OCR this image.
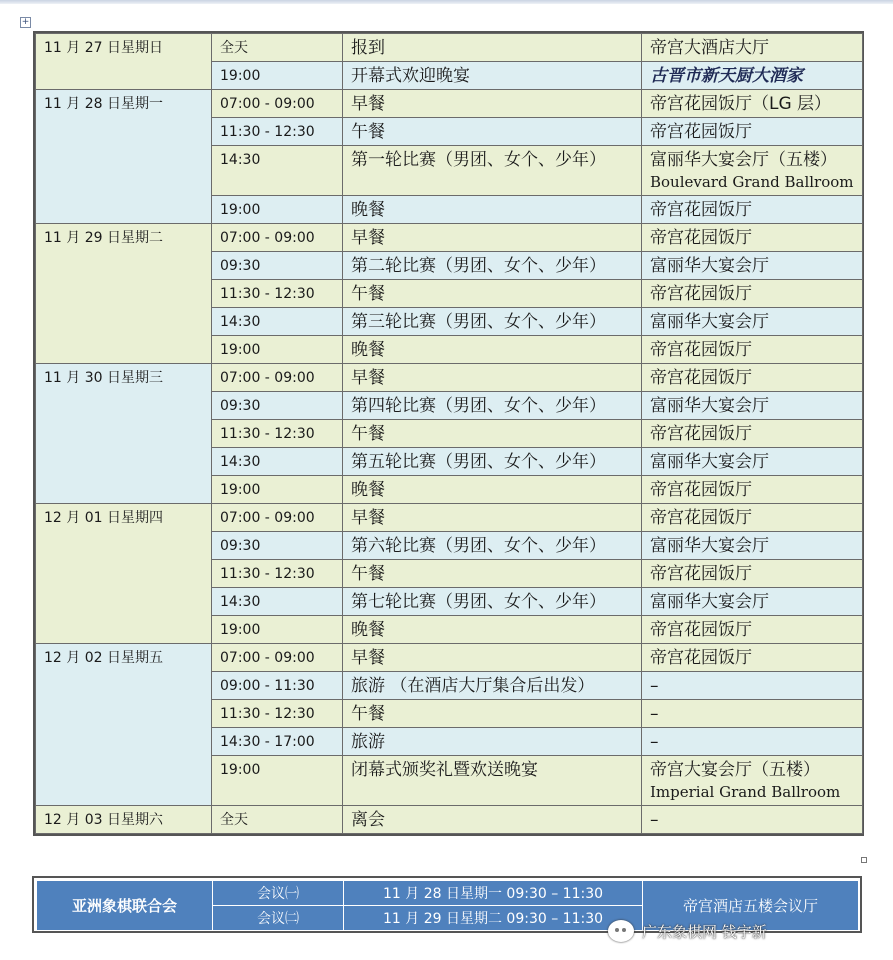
+
11 月 27 日星期日	全天	报到	帝宫大酒店大厅

	19:00	开幕式欢迎晚宴	古晋市新天厨大酒家

11 月 28 日星期一	07:00 - 09:00	早餐	帝宫花园饭厅（LG 层）

	11:30 - 12:30	午餐	帝宫花园饭厅

	14:30	第一轮比赛（男团、女个、少年）	富丽华大宴会厅（五楼）
Boulevard Grand Ballroom

	19:00	晚餐	帝宫花园饭厅

11 月 29 日星期二	07:00 - 09:00	早餐	帝宫花园饭厅

	09:30	第二轮比赛（男团、女个、少年）	富丽华大宴会厅

	11:30 - 12:30	午餐	帝宫花园饭厅

	14:30	第三轮比赛（男团、女个、少年）	富丽华大宴会厅

	19:00	晚餐	帝宫花园饭厅

11 月 30 日星期三	07:00 - 09:00	早餐	帝宫花园饭厅

	09:30	第四轮比赛（男团、女个、少年）	富丽华大宴会厅

	11:30 - 12:30	午餐	帝宫花园饭厅

	14:30	第五轮比赛（男团、女个、少年）	富丽华大宴会厅

	19:00	晚餐	帝宫花园饭厅

12 月 01 日星期四	07:00 - 09:00	早餐	帝宫花园饭厅

	09:30	第六轮比赛（男团、女个、少年）	富丽华大宴会厅

	11:30 - 12:30	午餐	帝宫花园饭厅

	14:30	第七轮比赛（男团、女个、少年）	富丽华大宴会厅

	19:00	晚餐	帝宫花园饭厅

12 月 02 日星期五	07:00 - 09:00	早餐	帝宫花园饭厅

	09:00 - 11:30	旅游 （在酒店大厅集合后出发）	–

	11:30 - 12:30	午餐	–

	14:30 - 17:00	旅游	–

	19:00	闭幕式颁奖礼暨欢送晚宴	帝宫大宴会厅（五楼）
Imperial Grand Ballroom

12 月 03 日星期六	全天	离会	–
亚洲象棋联合会	会议㈠	11 月 28 日星期一 09:30 – 11:30	帝宫酒店五楼会议厅
	会议㈡	11 月 29 日星期二 09:30 – 11:30	
广东象棋网 钱宇新
